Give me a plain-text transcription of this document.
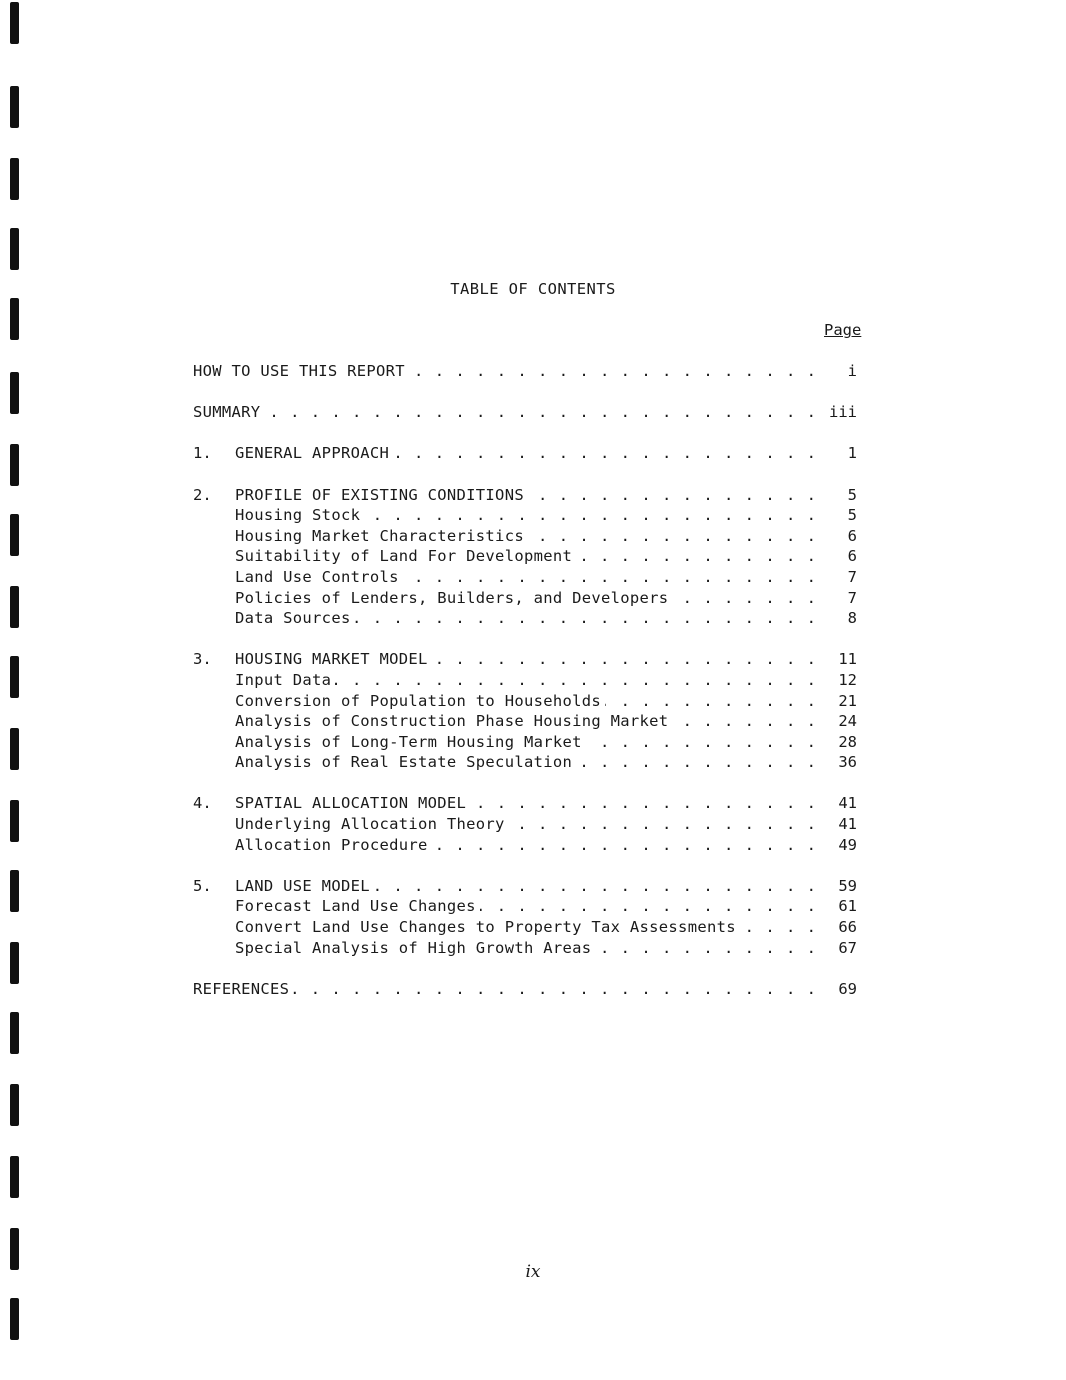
TABLE OF CONTENTS
Page
HOW TO USE THIS REPORT . . .	i
SUMMARY . . .	iii
1.	GENERAL APPROACH . . .	1
2.	PROFILE OF EXISTING CONDITIONS . . .	5
Housing Stock . . .	5
Housing Market Characteristics . . .	6
Suitability of Land For Development . . .	6
Land Use Controls . . .	7
Policies of Lenders, Builders, and Developers . . .	7
Data Sources . . .	8
3.	HOUSING MARKET MODEL . . .	11
Input Data . . .	12
Conversion of Population to Households . . .	21
Analysis of Construction Phase Housing Market . . .	24
Analysis of Long-Term Housing Market . . .	28
Analysis of Real Estate Speculation . . .	36
4.	SPATIAL ALLOCATION MODEL . . .	41
Underlying Allocation Theory . . .	41
Allocation Procedure . . .	49
5.	LAND USE MODEL . . .	59
Forecast Land Use Changes . . .	61
Convert Land Use Changes to Property Tax Assessments . . .	66
Special Analysis of High Growth Areas . . .	67
REFERENCES . . .	69
ix
